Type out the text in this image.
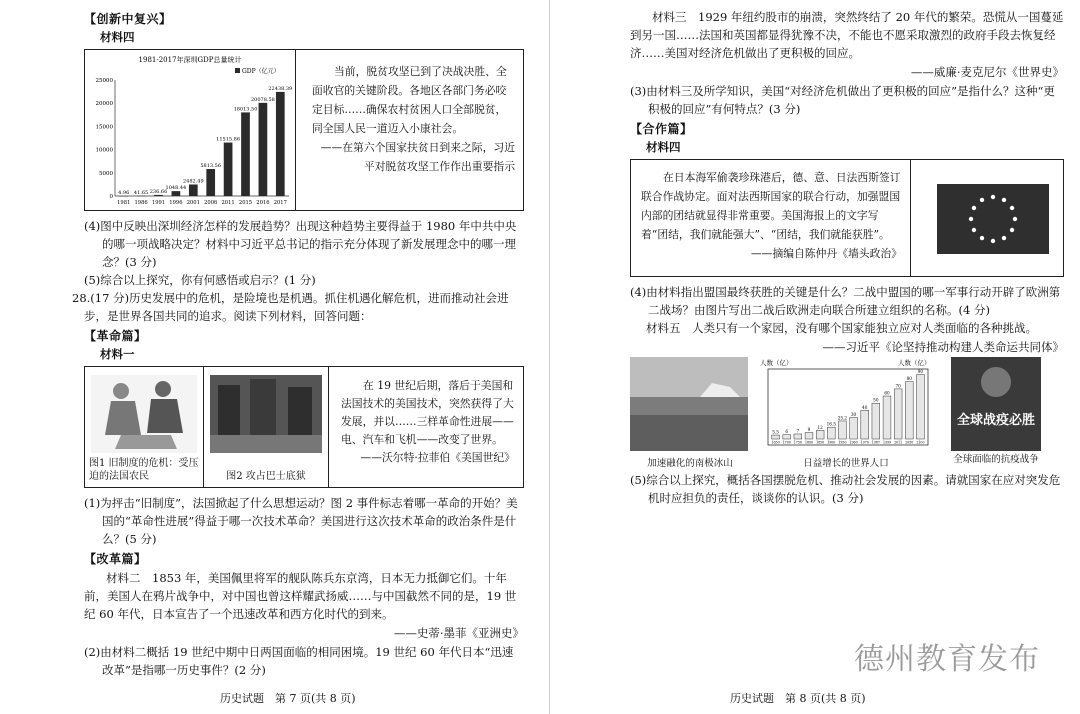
【创新中复兴】
材料四
1981-2017年深圳GDP总量统计
GDP（亿元）
25000
20000
15000
10000
5000
0
4.96
1981
41.65
1986
236.66
1991
1048.44
1996
2482.49
2001
5813.56
2006
11515.86
2011
18013.50
2015
20078.58
2016
22438.39
2017
当前，脱贫攻坚已到了决战决胜、全面收官的关键阶段。各地区各部门务必咬定目标……确保农村贫困人口全部脱贫，同全国人民一道迈入小康社会。
——在第六个国家扶贫日到来之际，习近平对脱贫攻坚工作作出重要指示
(4)图中反映出深圳经济怎样的发展趋势？出现这种趋势主要得益于 1980 年中共中央的哪一项战略决定？材料中习近平总书记的指示充分体现了新发展理念中的哪一理念？(3 分)
(5)综合以上探究，你有何感悟或启示？(1 分)
28.(17 分)历史发展中的危机，是险境也是机遇。抓住机遇化解危机，进而推动社会进步，是世界各国共同的追求。阅读下列材料，回答问题：
【革命篇】
材料一
图1 旧制度的危机：受压迫的法国农民	图2 攻占巴士底狱
在 19 世纪后期，落后于美国和法国技术的美国技术，突然获得了大发展，并以……三样革命性进展——电、汽车和飞机——改变了世界。
——沃尔特·拉菲伯《美国世纪》
(1)为抨击“旧制度”，法国掀起了什么思想运动？图 2 事件标志着哪一革命的开始？美国的“革命性进展”得益于哪一次技术革命？美国进行这次技术革命的政治条件是什么？(5 分)
【改革篇】
材料二　1853 年，美国佩里将军的舰队陈兵东京湾，日本无力抵御它们。十年前，美国人在鸦片战争中，对中国也曾这样耀武扬威……与中国截然不同的是，19 世纪 60 年代，日本宣告了一个迅速改革和西方化时代的到来。
——史蒂·墨菲《亚洲史》
(2)由材料二概括 19 世纪中期中日两国面临的相同困境。19 世纪 60 年代日本“迅速改革”是指哪一历史事件？(2 分)
历史试题　第 7 页(共 8 页)
材料三　1929 年纽约股市的崩溃，突然终结了 20 年代的繁荣。恐慌从一国蔓延到另一国……法国和英国都显得犹豫不决，不能也不愿采取激烈的政府手段去恢复经济……美国对经济危机做出了更积极的回应。
——威廉·麦克尼尔《世界史》
(3)由材料三及所学知识，美国“对经济危机做出了更积极的回应”是指什么？这种“更积极的回应”有何特点？(3 分)
【合作篇】
材料四
在日本海军偷袭珍珠港后，德、意、日法西斯签订联合作战协定。面对法西斯国家的联合行动，加强盟国内部的团结就显得非常重要。美国海报上的文字写着“团结，我们就能强大”、“团结，我们就能获胜”。
——摘编自陈仲丹《墙头政治》
(4)由材料指出盟国最终获胜的关键是什么？二战中盟国的哪一军事行动开辟了欧洲第二战场？由图片写出二战后欧洲走向联合所建立组织的名称。(4 分)
材料五　人类只有一个家园，没有哪个国家能独立应对人类面临的各种挑战。
——习近平《论坚持推动构建人类命运共同体》
加速融化的南极冰山
人数（亿）	人数（亿）
5.5
1650
6
1700
7
1750
9
1800
12
1850
16.5
1900
25.2
1950
30
1960
40
1970
50
1987
60
1999
70
2011
80
2050
90
2100
日益增长的世界人口
全球战疫必胜
全球面临的抗疫战争
(5)综合以上探究，概括各国摆脱危机、推动社会发展的因素。请就国家在应对突发危机时应担负的责任，谈谈你的认识。(3 分)
德州教育发布
历史试题　第 8 页(共 8 页)
